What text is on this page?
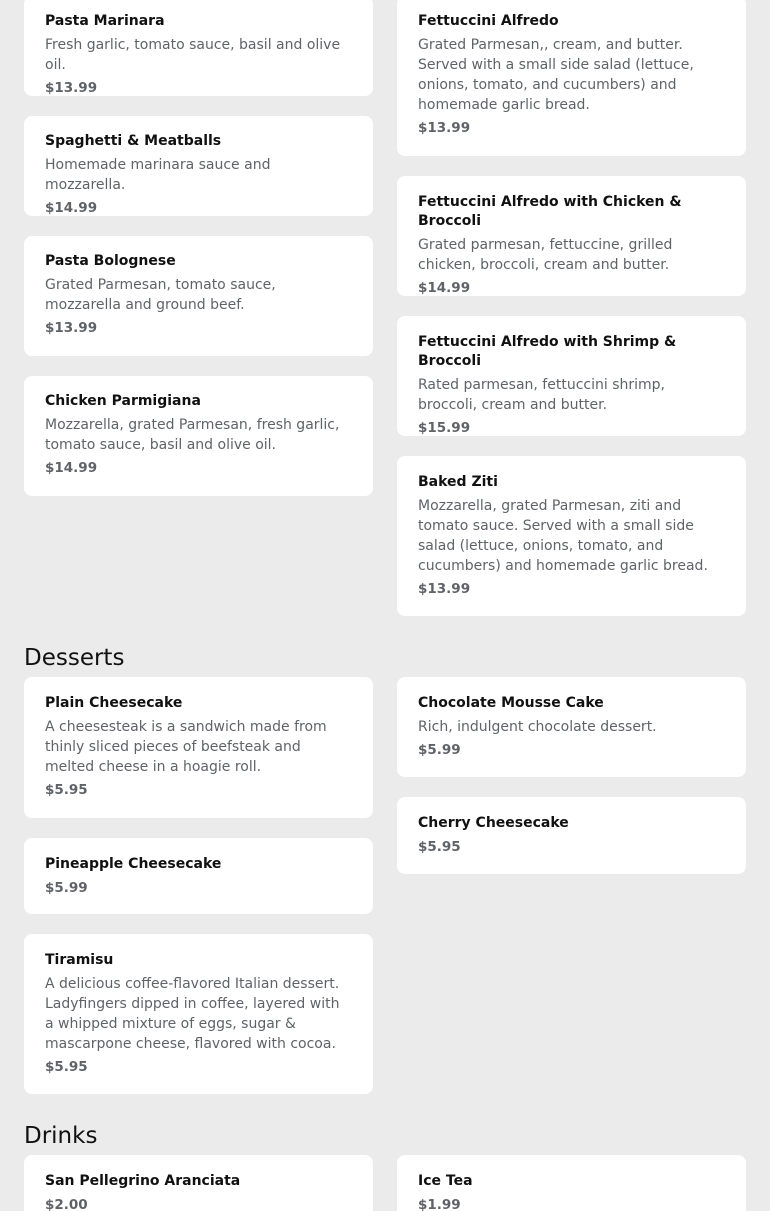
Pasta Marinara
Fresh garlic, tomato sauce, basil and olive oil.
$13.99
Spaghetti & Meatballs
Homemade marinara sauce and mozzarella.
$14.99
Pasta Bolognese
Grated Parmesan, tomato sauce, mozzarella and ground beef.
$13.99
Chicken Parmigiana
Mozzarella, grated Parmesan, fresh garlic, tomato sauce, basil and olive oil.
$14.99
Fettuccini Alfredo
Grated Parmesan,, cream, and butter. Served with a small side salad (lettuce, onions, tomato, and cucumbers) and homemade garlic bread.
$13.99
Fettuccini Alfredo with Chicken & Broccoli
Grated parmesan, fettuccine, grilled chicken, broccoli, cream and butter.
$14.99
Fettuccini Alfredo with Shrimp & Broccoli
Rated parmesan, fettuccini shrimp, broccoli, cream and butter.
$15.99
Baked Ziti
Mozzarella, grated Parmesan, ziti and tomato sauce. Served with a small side salad (lettuce, onions, tomato, and cucumbers) and homemade garlic bread.
$13.99
Desserts
Plain Cheesecake
A cheesesteak is a sandwich made from thinly sliced pieces of beefsteak and melted cheese in a hoagie roll.
$5.95
Pineapple Cheesecake
$5.99
Tiramisu
A delicious coffee-flavored Italian dessert. Ladyfingers dipped in coffee, layered with a whipped mixture of eggs, sugar & mascarpone cheese, flavored with cocoa.
$5.95
Chocolate Mousse Cake
Rich, indulgent chocolate dessert.
$5.99
Cherry Cheesecake
$5.95
Drinks
San Pellegrino Aranciata
$2.00
Ice Tea
$1.99
